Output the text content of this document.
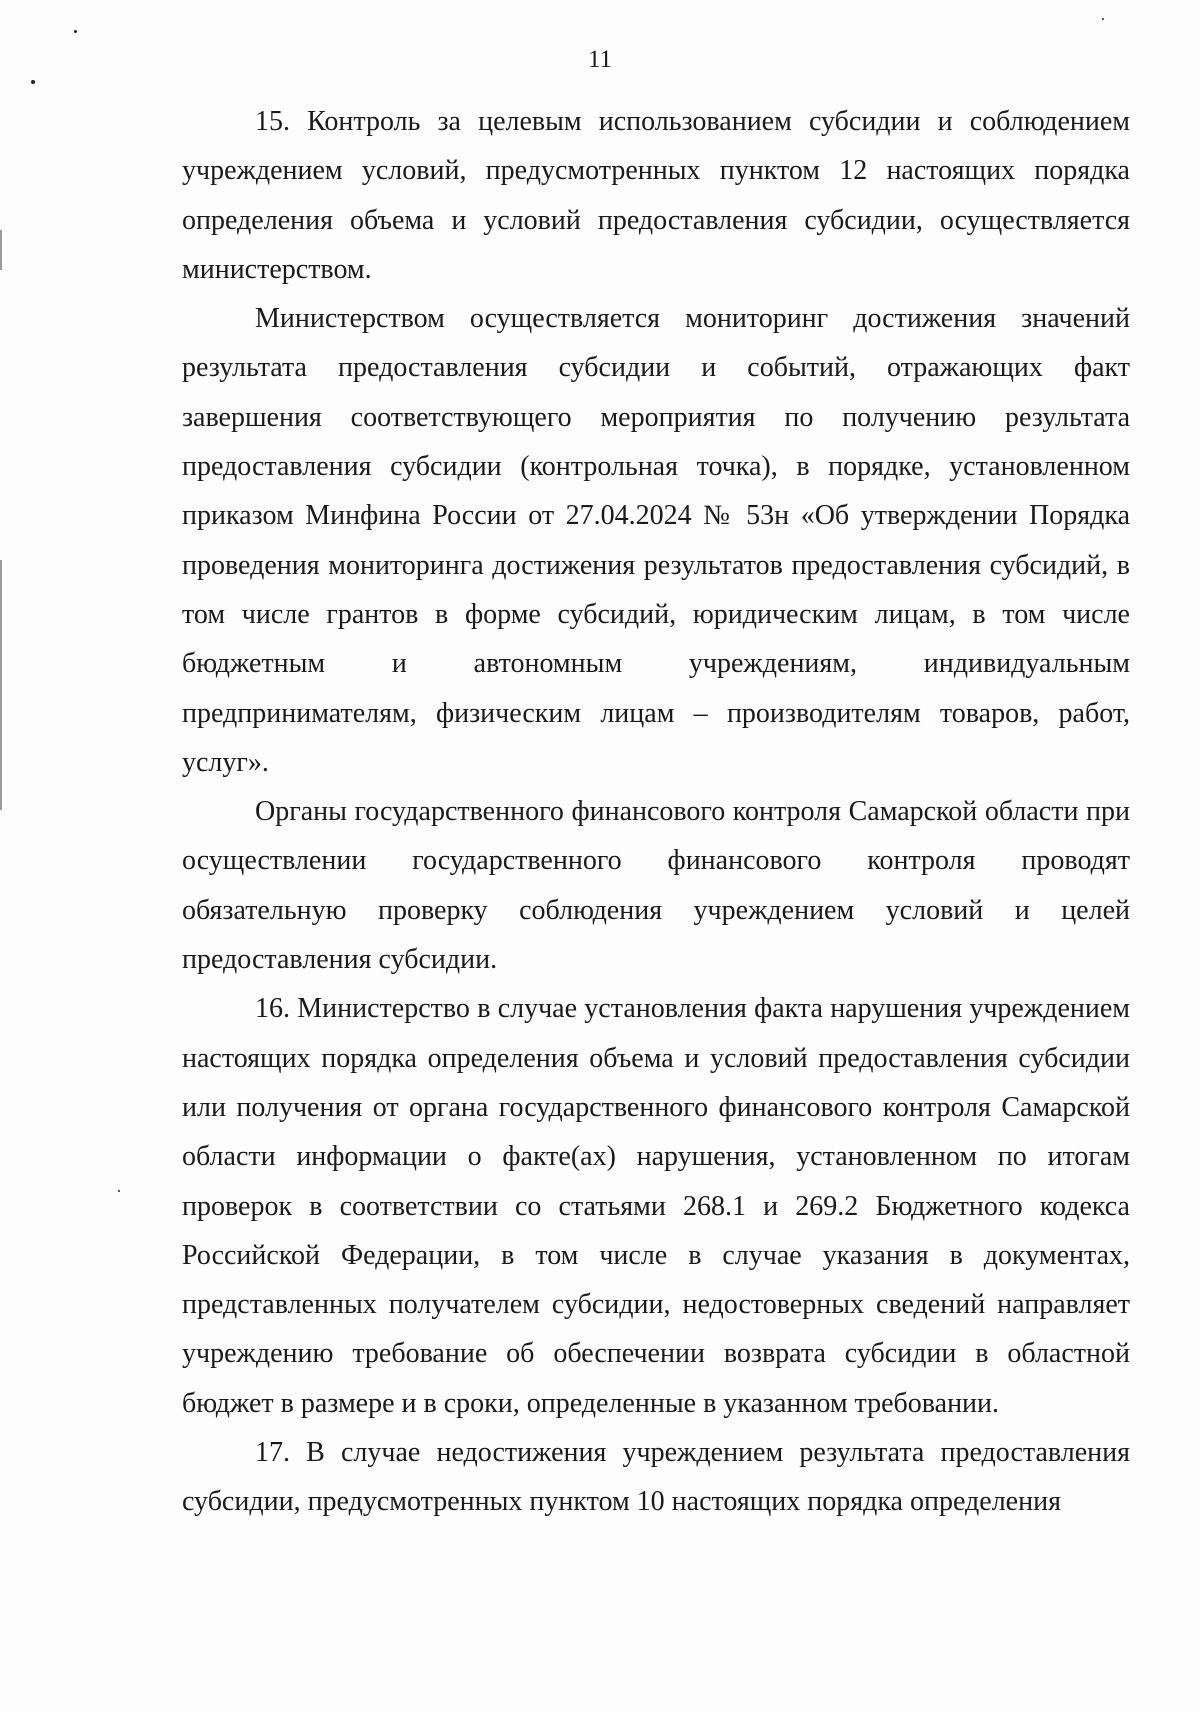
11

15. Контроль за целевым использованием субсидии и соблюдением учреждением условий, предусмотренных пунктом 12 настоящих порядка определения объема и условий предоставления субсидии, осуществляется министерством.

Министерством осуществляется мониторинг достижения значений результата предоставления субсидии и событий, отражающих факт завершения соответствующего мероприятия по получению результата предоставления субсидии (контрольная точка), в порядке, установленном приказом Минфина России от 27.04.2024 № 53н «Об утверждении Порядка проведения мониторинга достижения результатов предоставления субсидий, в том числе грантов в форме субсидий, юридическим лицам, в том числе бюджетным и автономным учреждениям, индивидуальным предпринимателям, физическим лицам – производителям товаров, работ, услуг».

Органы государственного финансового контроля Самарской области при осуществлении государственного финансового контроля проводят обязательную проверку соблюдения учреждением условий и целей предоставления субсидии.

16. Министерство в случае установления факта нарушения учреждением настоящих порядка определения объема и условий предоставления субсидии или получения от органа государственного финансового контроля Самарской области информации о факте(ах) нарушения, установленном по итогам проверок в соответствии со статьями 268.1 и 269.2 Бюджетного кодекса Российской Федерации, в том числе в случае указания в документах, представленных получателем субсидии, недостоверных сведений направляет учреждению требование об обеспечении возврата субсидии в областной бюджет в размере и в сроки, определенные в указанном требовании.

17. В случае недостижения учреждением результата предоставления субсидии, предусмотренных пунктом 10 настоящих порядка определения
